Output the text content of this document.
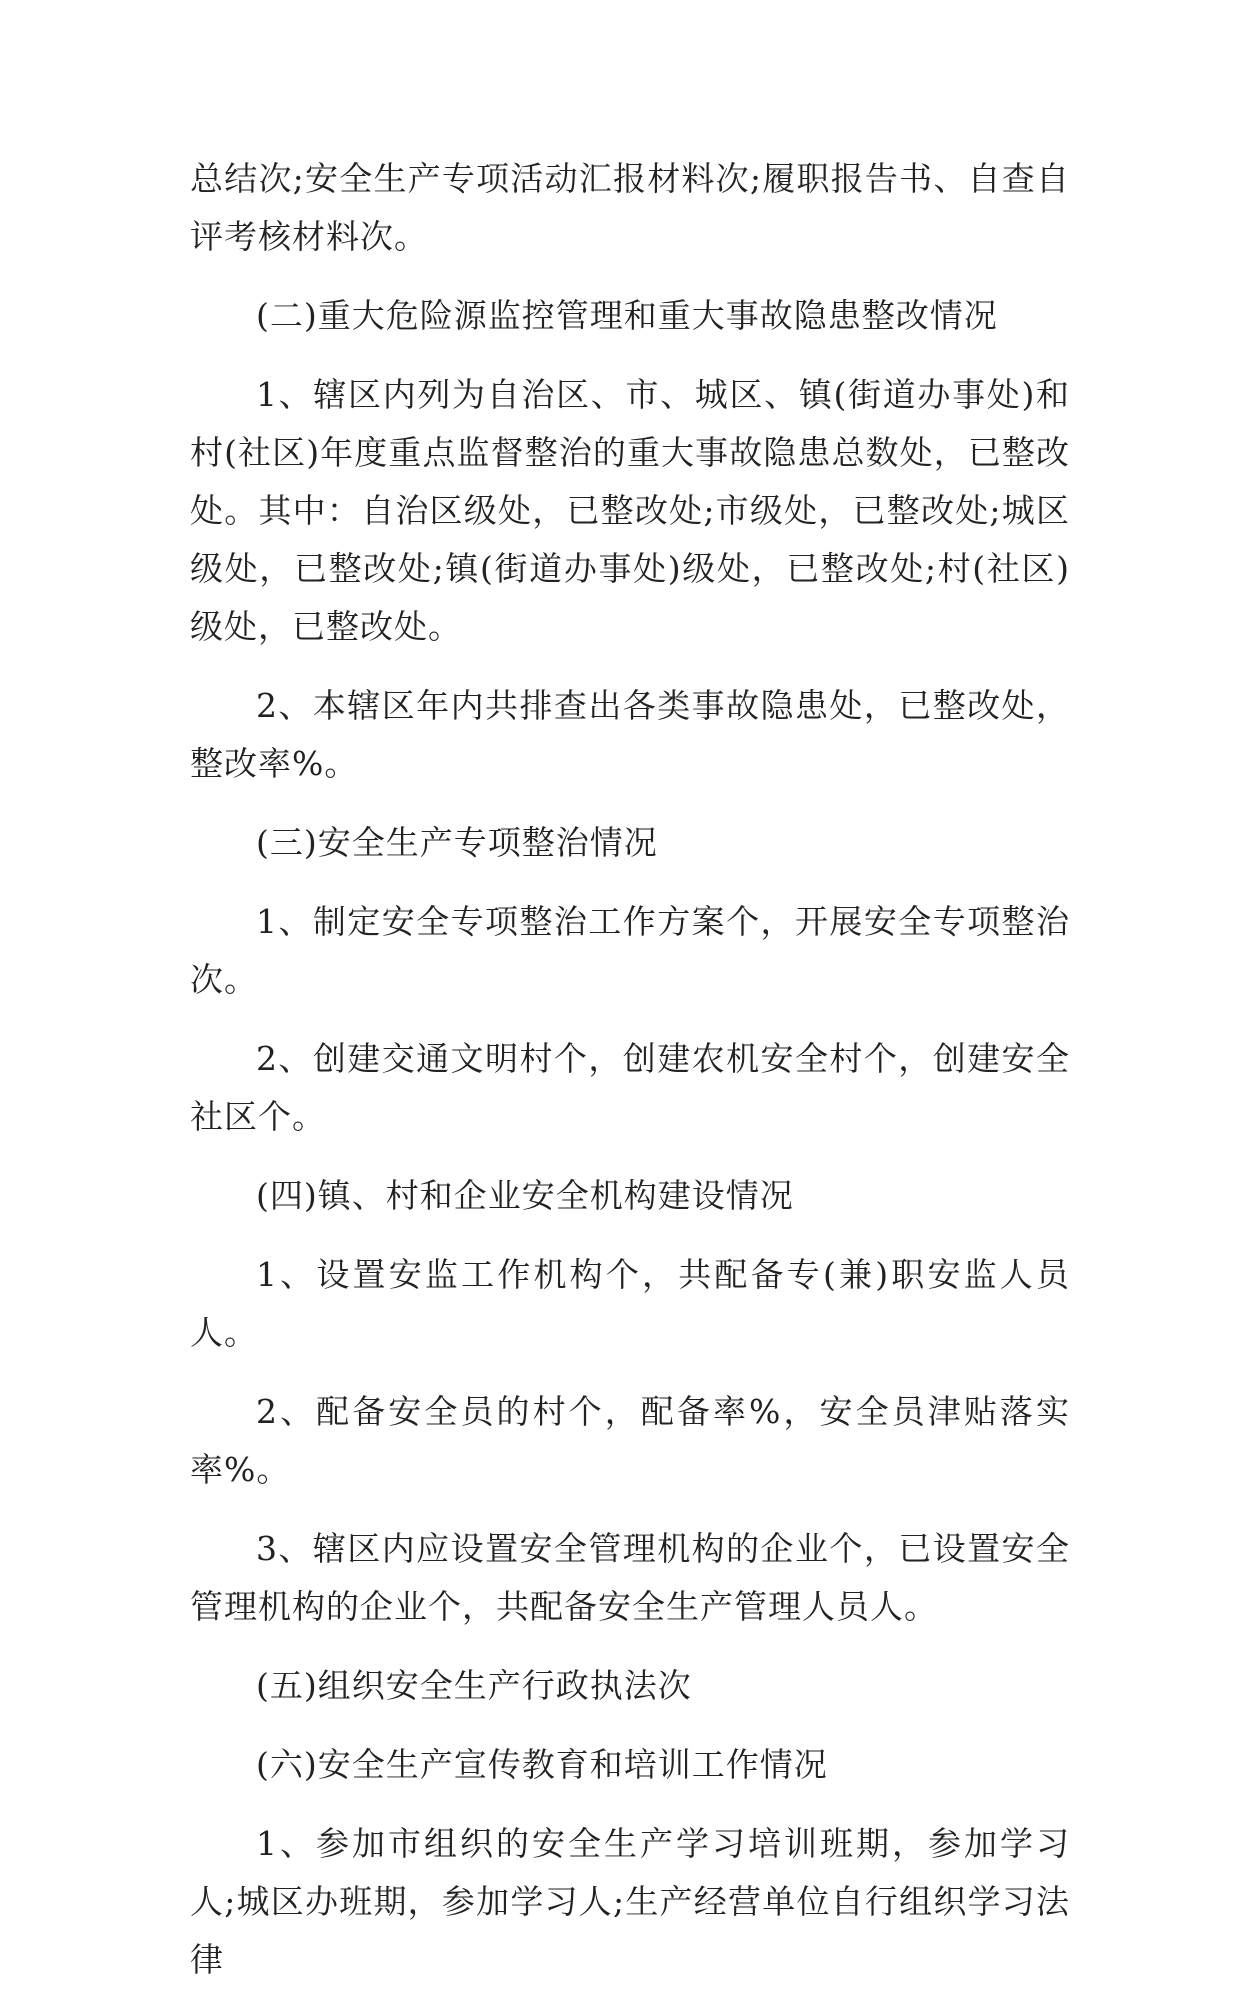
总结次;安全生产专项活动汇报材料次;履职报告书、自查自评考核材料次。

(二)重大危险源监控管理和重大事故隐患整改情况

1、辖区内列为自治区、市、城区、镇(街道办事处)和村(社区)年度重点监督整治的重大事故隐患总数处，已整改处。其中：自治区级处，已整改处;市级处，已整改处;城区级处，已整改处;镇(街道办事处)级处，已整改处;村(社区)级处，已整改处。

2、本辖区年内共排查出各类事故隐患处，已整改处，整改率%。

(三)安全生产专项整治情况

1、制定安全专项整治工作方案个，开展安全专项整治次。

2、创建交通文明村个，创建农机安全村个，创建安全社区个。

(四)镇、村和企业安全机构建设情况

1、设置安监工作机构个，共配备专(兼)职安监人员人。

2、配备安全员的村个，配备率%，安全员津贴落实率%。

3、辖区内应设置安全管理机构的企业个，已设置安全管理机构的企业个，共配备安全生产管理人员人。

(五)组织安全生产行政执法次

(六)安全生产宣传教育和培训工作情况

1、参加市组织的安全生产学习培训班期，参加学习人;城区办班期，参加学习人;生产经营单位自行组织学习法律
